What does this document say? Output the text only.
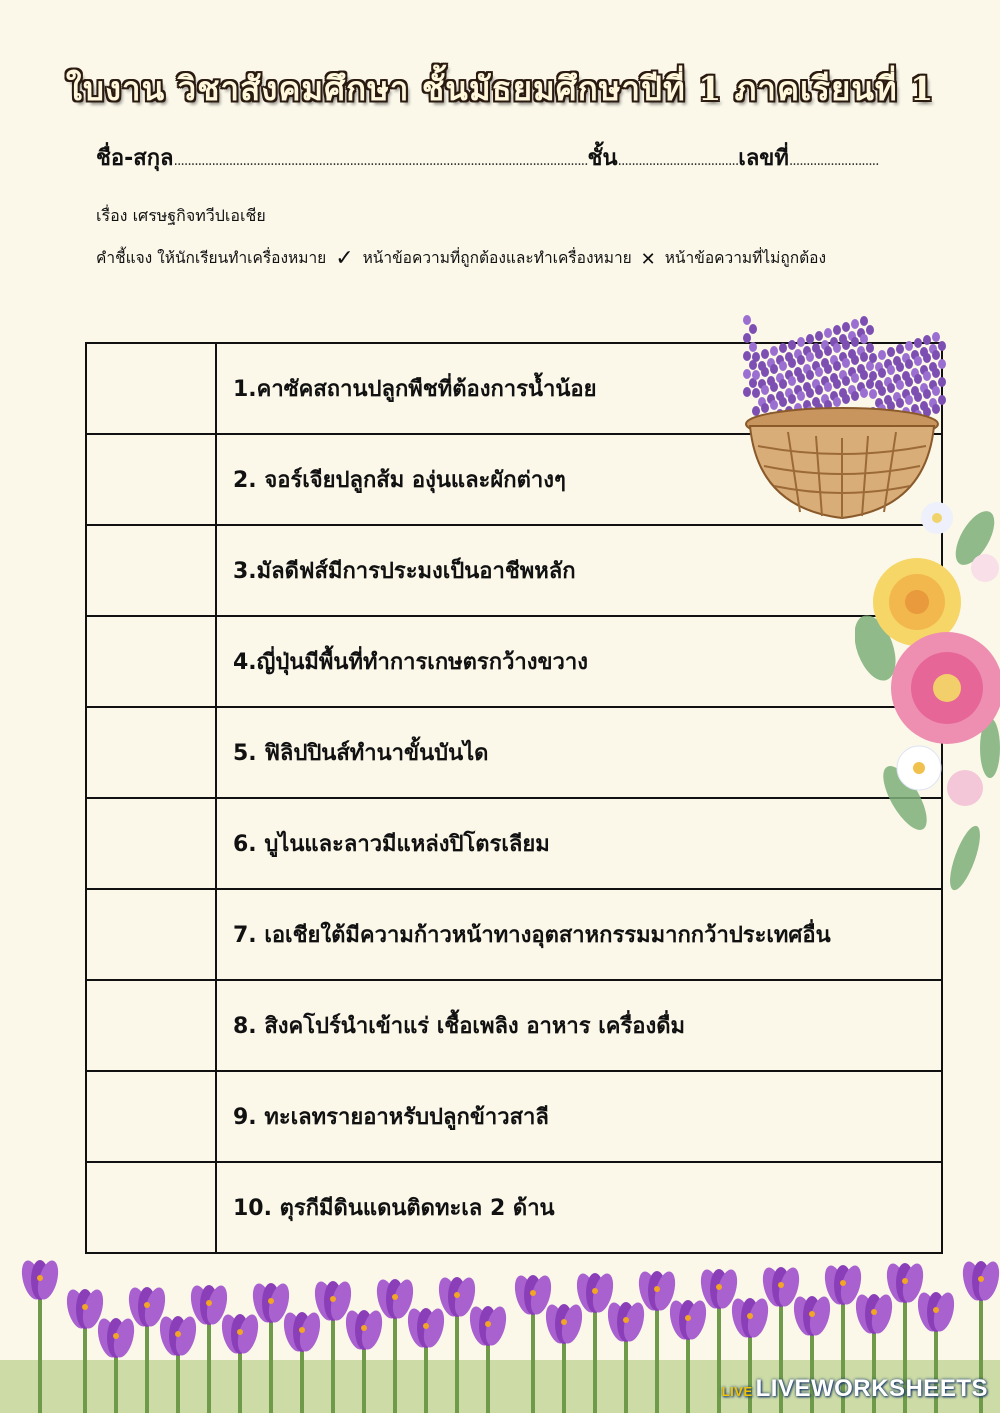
ใบงาน วิชาสังคมศึกษา ชั้นมัธยมศึกษาปีที่ 1 ภาคเรียนที่ 1
ชื่อ-สกุล........................................................................................................................ชั้น...................................เลขที่..........................
เรื่อง เศรษฐกิจทวีปเอเชีย
คำชี้แจง ให้นักเรียนทำเครื่องหมาย ✓ หน้าข้อความที่ถูกต้องและทำเครื่องหมาย ✕ หน้าข้อความที่ไม่ถูกต้อง
	1.คาซัคสถานปลูกพืชที่ต้องการน้ำน้อย
	2. จอร์เจียปลูกส้ม องุ่นและผักต่างๆ
	3.มัลดีฟส์มีการประมงเป็นอาชีพหลัก
	4.ญี่ปุ่นมีพื้นที่ทำการเกษตรกว้างขวาง
	5. ฟิลิปปินส์ทำนาขั้นบันได
	6. บูไนและลาวมีแหล่งปิโตรเลียม
	7. เอเชียใต้มีความก้าวหน้าทางอุตสาหกรรมมากกว้าประเทศอื่น
	8. สิงคโปร์นำเข้าแร่ เชื้อเพลิง อาหาร เครื่องดื่ม
	9. ทะเลทรายอาหรับปลูกข้าวสาลี
	10. ตุรกีมีดินแดนติดทะเล 2 ด้าน
LIVE LIVEWORKSHEETS
